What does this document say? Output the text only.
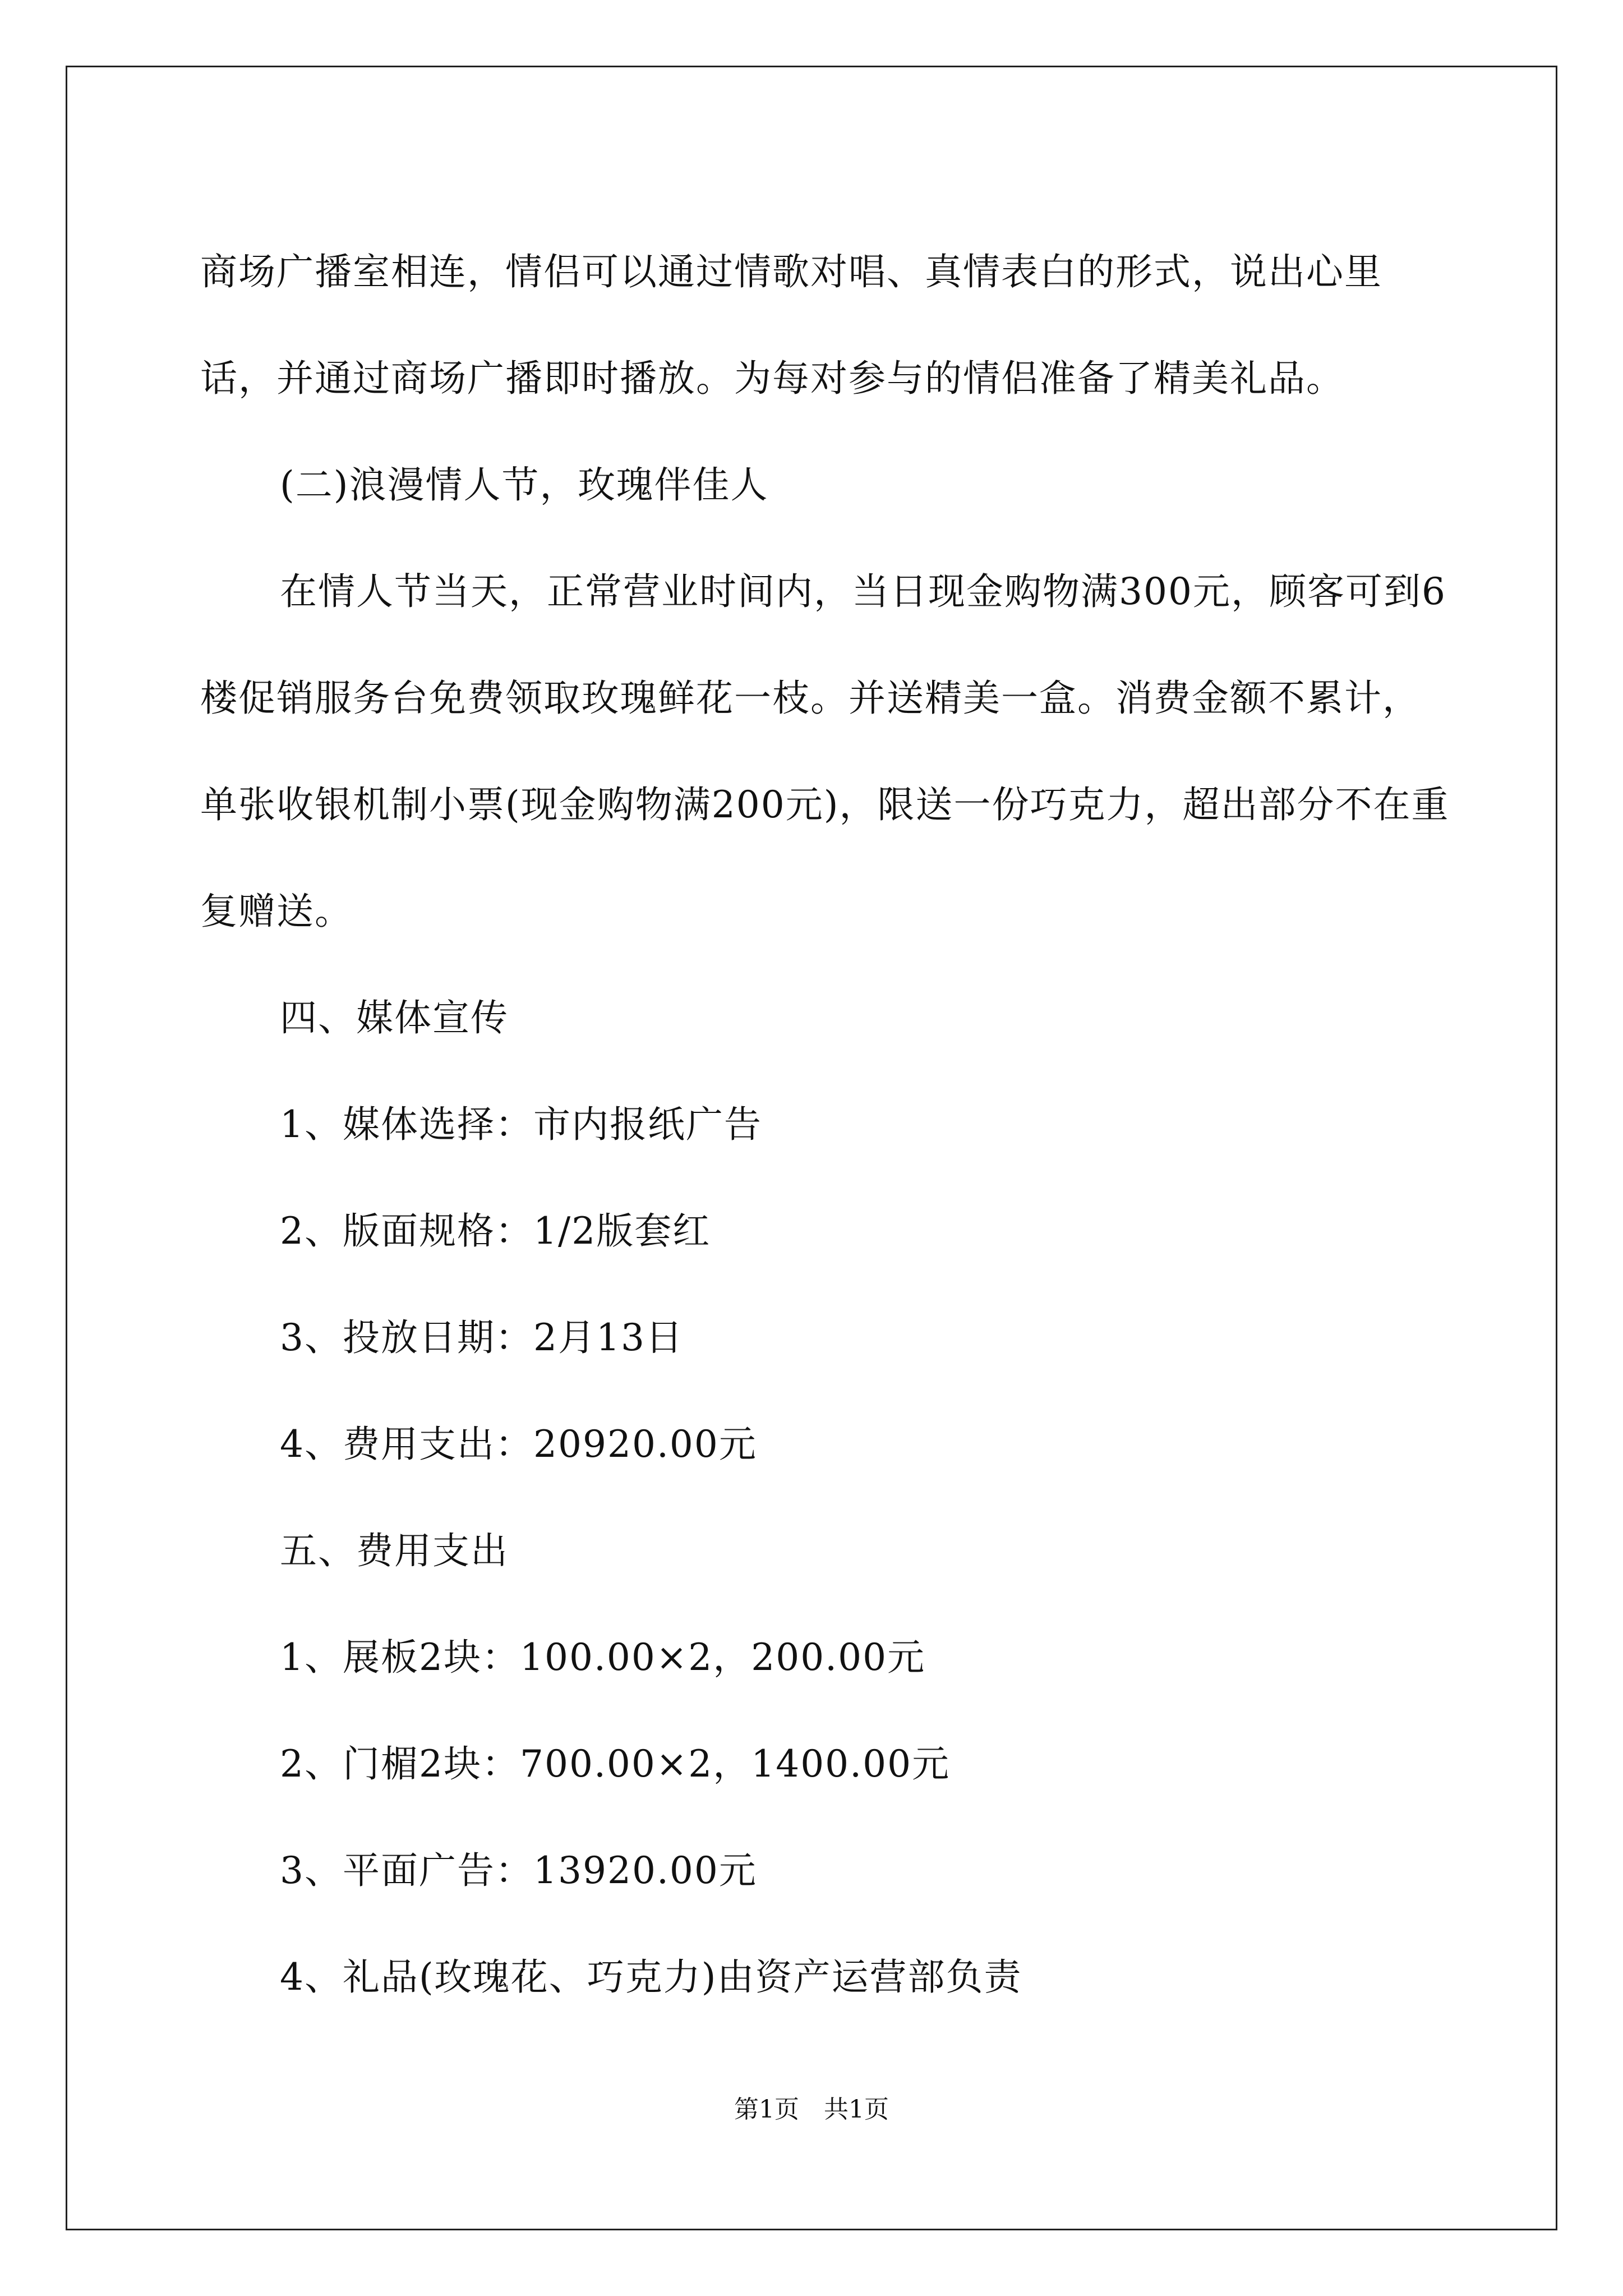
商场广播室相连，情侣可以通过情歌对唱、真情表白的形式，说出心里话，并通过商场广播即时播放。为每对参与的情侣准备了精美礼品。

(二)浪漫情人节，玫瑰伴佳人

在情人节当天，正常营业时间内，当日现金购物满300元，顾客可到6楼促销服务台免费领取玫瑰鲜花一枝。并送精美一盒。消费金额不累计，单张收银机制小票(现金购物满200元)，限送一份巧克力，超出部分不在重复赠送。

四、媒体宣传

1、媒体选择：市内报纸广告

2、版面规格：1/2版套红

3、投放日期：2月13日

4、费用支出：20920.00元

五、费用支出

1、展板2块：100.00×2，200.00元

2、门楣2块：700.00×2，1400.00元

3、平面广告：13920.00元

4、礼品(玫瑰花、巧克力)由资产运营部负责

第1页　共1页
